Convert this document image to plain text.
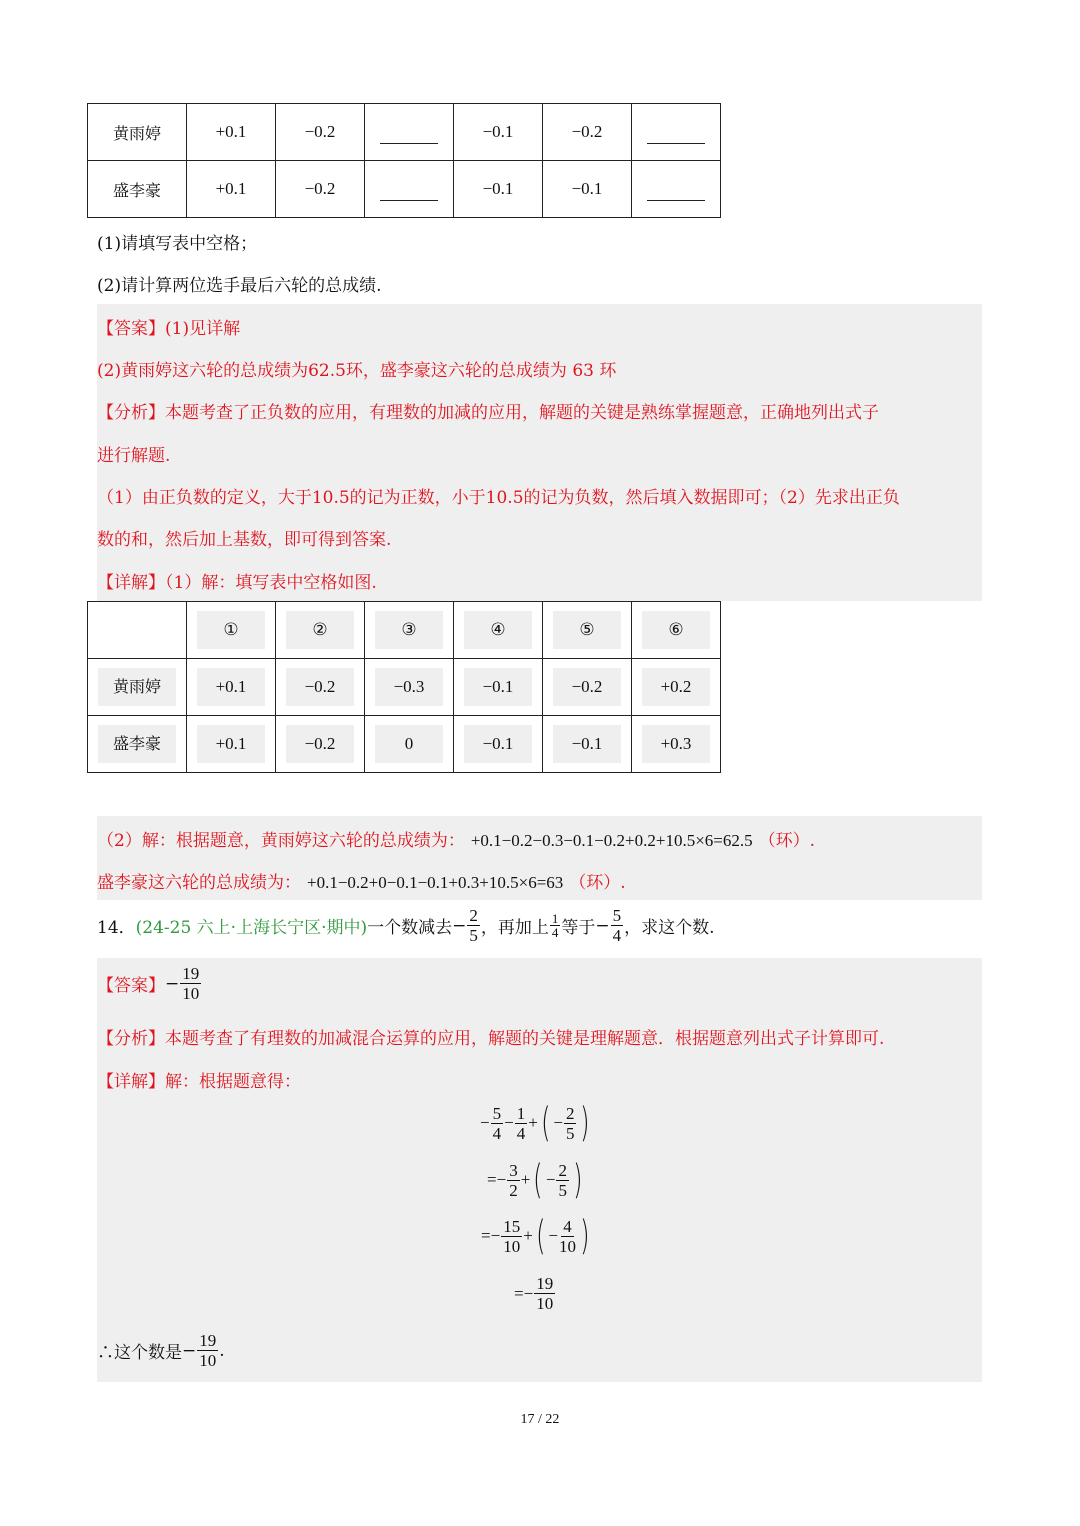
黄雨婷	+0.1	−0.2		−0.1	−0.2	
盛李豪	+0.1	−0.2		−0.1	−0.1	
(1)请填写表中空格；
(2)请计算两位选手最后六轮的总成绩.
【答案】(1)见详解
(2)黄雨婷这六轮的总成绩为62.5环，盛李豪这六轮的总成绩为 63 环
【分析】本题考查了正负数的应用，有理数的加减的应用，解题的关键是熟练掌握题意，正确地列出式子
进行解题.
（1）由正负数的定义，大于10.5的记为正数，小于10.5的记为负数，然后填入数据即可；（2）先求出正负
数的和，然后加上基数，即可得到答案.
【详解】（1）解：填写表中空格如图.
	①	②	③	④	⑤	⑥
黄雨婷	+0.1	−0.2	−0.3	−0.1	−0.2	+0.2
盛李豪	+0.1	−0.2	0	−0.1	−0.1	+0.3
（2）解：根据题意，黄雨婷这六轮的总成绩为： +0.1−0.2−0.3−0.1−0.2+0.2+10.5×6=62.5 （环）.
盛李豪这六轮的总成绩为： +0.1−0.2+0−0.1−0.1+0.3+10.5×6=63 （环）.
14． (24-25 六上·上海长宁区·期中) 一个数减去 − $\frac{2}{5}$ ，再加上 $\frac{1}{4}$ 等于 − $\frac{5}{4}$ ，求这个数.
【答案】 − $\frac{19}{10}$
【分析】本题考查了有理数的加减混合运算的应用，解题的关键是理解题意．根据题意列出式子计算即可.
【详解】解：根据题意得：
− $\frac{5}{4} - \frac{1}{4}$ + ( − $\frac{2}{5}$ )
=− $\frac{3}{2}$ + ( − $\frac{2}{5}$ )
=− $\frac{15}{10}$ + ( − $\frac{4}{10}$ )
=− $\frac{19}{10}$
∴这个数是 − $\frac{19}{10}$ .
17 / 22
